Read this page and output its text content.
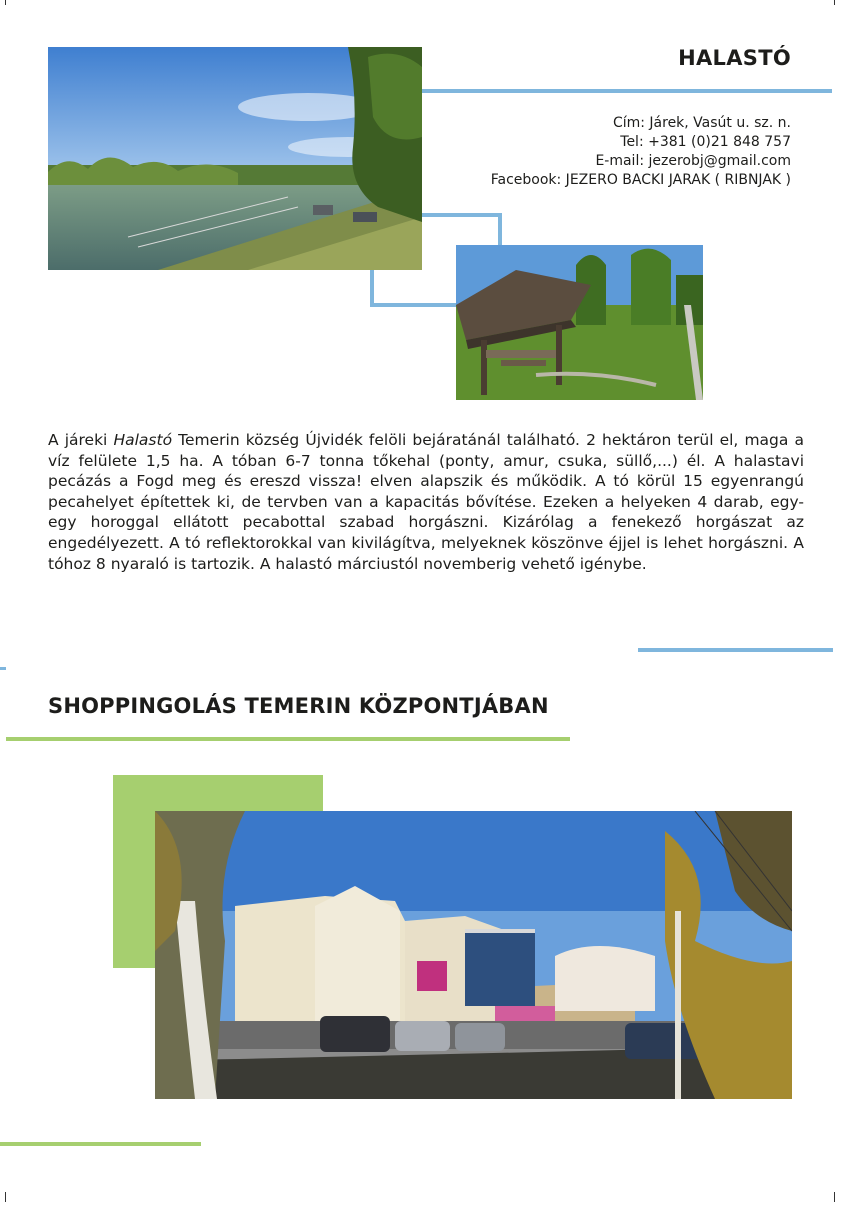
HALASTÓ
Cím: Járek, Vasút u. sz. n.
Tel: +381 (0)21 848 757
E-mail: jezerobj@gmail.com
Facebook: JEZERO BACKI JARAK ( RIBNJAK )
A járeki Halastó Temerin község Újvidék felöli bejáratánál található. 2 hektáron terül el, maga a víz felülete 1,5 ha. A tóban 6-7 tonna tőkehal (ponty, amur, csuka, süllő,...) él. A halastavi pecázás a Fogd meg és ereszd vissza! elven alapszik és működik. A tó körül 15 egyenrangú pecahelyet építettek ki, de tervben van a kapacitás bővítése. Ezeken a helyeken 4 darab, egy-egy horoggal ellátott pecabottal szabad horgászni. Kizárólag a fenekező horgászat az engedélyezett. A tó reflektorokkal van kivilágítva, melyeknek köszönve éjjel is lehet horgászni. A tóhoz 8 nyaraló is tartozik. A halastó márciustól novemberig vehető igénybe.
SHOPPINGOLÁS TEMERIN KÖZPONTJÁBAN
